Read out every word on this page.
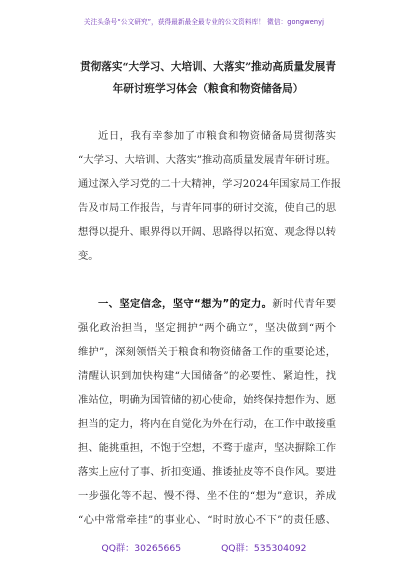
关注头条号“公文研究”，获得最新最全最专业的公文资料库！ 微信：gongwenyj
贯彻落实“大学习、大培训、大落实”推动高质量发展青
年研讨班学习体会（粮食和物资储备局）
近日，我有幸参加了市粮食和物资储备局贯彻落实
“大学习、大培训、大落实”推动高质量发展青年研讨班。
通过深入学习党的二十大精神，学习2024年国家局工作报
告及市局工作报告，与青年同事的研讨交流，使自己的思
想得以提升、眼界得以开阔、思路得以拓宽、观念得以转
变。
一、坚定信念，坚守“想为”的定力。新时代青年要
强化政治担当，坚定拥护“两个确立”，坚决做到“两个
维护”，深刻领悟关于粮食和物资储备工作的重要论述，
清醒认识到加快构建“大国储备”的必要性、紧迫性，找
准站位，明确为国管储的初心使命，始终保持想作为、愿
担当的定力，将内在自觉化为外在行动，在工作中敢接重
担、能挑重担，不饱于空想，不骛于虚声，坚决摒除工作
落实上应付了事、折扣变通、推诿扯皮等不良作风。要进
一步强化等不起、慢不得、坐不住的“想为”意识，养成
“心中常常牵挂”的事业心、“时时放心不下”的责任感、
QQ群：30265665	QQ群：535304092
